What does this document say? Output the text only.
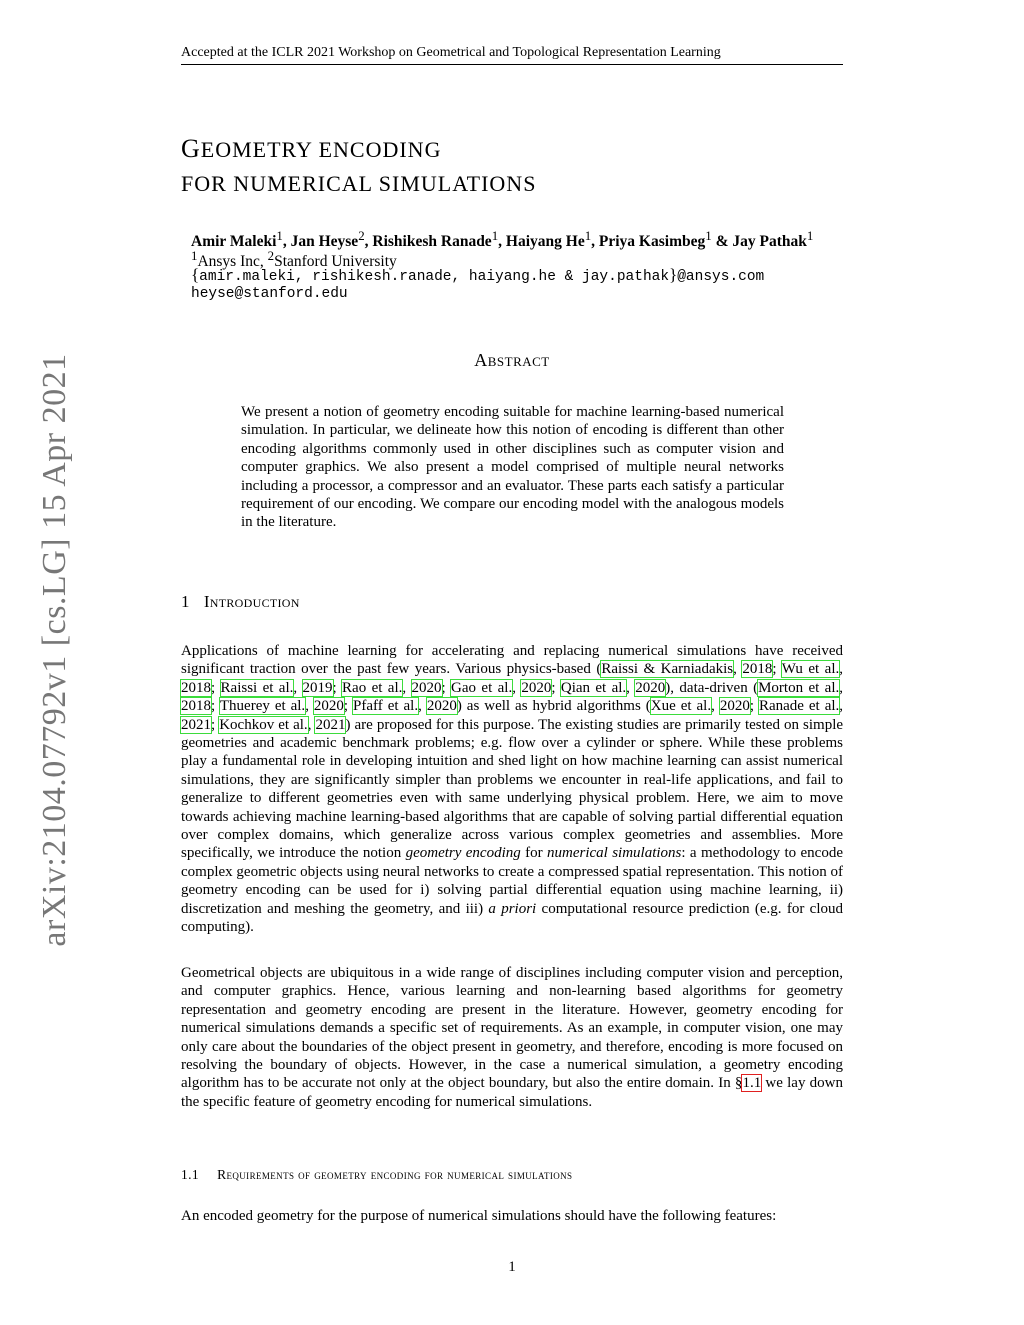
Accepted at the ICLR 2021 Workshop on Geometrical and Topological Representation Learning
arXiv:2104.07792v1 [cs.LG] 15 Apr 2021
GEOMETRY ENCODING
FOR NUMERICAL SIMULATIONS
Amir Maleki$^1$, Jan Heyse$^2$, Rishikesh Ranade$^1$, Haiyang He$^1$, Priya Kasimbeg$^1$ & Jay Pathak$^1$
$^1$Ansys Inc, $^2$Stanford University
{amir.maleki, rishikesh.ranade, haiyang.he & jay.pathak}@ansys.com
heyse@stanford.edu
Abstract
We present a notion of geometry encoding suitable for machine learning-based numerical simulation. In particular, we delineate how this notion of encoding is different than other encoding algorithms commonly used in other disciplines such as computer vision and computer graphics. We also present a model comprised of multiple neural networks including a processor, a compressor and an evaluator. These parts each satisfy a particular requirement of our encoding. We compare our encoding model with the analogous models in the literature.
1 Introduction
Applications of machine learning for accelerating and replacing numerical simulations have received significant traction over the past few years. Various physics-based (Raissi & Karniadakis, 2018; Wu et al., 2018; Raissi et al., 2019; Rao et al., 2020; Gao et al., 2020; Qian et al., 2020), data-driven (Morton et al., 2018; Thuerey et al., 2020; Pfaff et al., 2020) as well as hybrid algorithms (Xue et al., 2020; Ranade et al., 2021; Kochkov et al., 2021) are proposed for this purpose. The existing studies are primarily tested on simple geometries and academic benchmark problems; e.g. flow over a cylinder or sphere. While these problems play a fundamental role in developing intuition and shed light on how machine learning can assist numerical simulations, they are significantly simpler than problems we encounter in real-life applications, and fail to generalize to different geometries even with same underlying physical problem. Here, we aim to move towards achieving machine learning-based algorithms that are capable of solving partial differential equation over complex domains, which generalize across various complex geometries and assemblies. More specifically, we introduce the notion geometry encoding for numerical simulations: a methodology to encode complex geometric objects using neural networks to create a compressed spatial representation. This notion of geometry encoding can be used for i) solving partial differential equation using machine learning, ii) discretization and meshing the geometry, and iii) a priori computational resource prediction (e.g. for cloud computing).
Geometrical objects are ubiquitous in a wide range of disciplines including computer vision and perception, and computer graphics. Hence, various learning and non-learning based algorithms for geometry representation and geometry encoding are present in the literature. However, geometry encoding for numerical simulations demands a specific set of requirements. As an example, in computer vision, one may only care about the boundaries of the object present in geometry, and therefore, encoding is more focused on resolving the boundary of objects. However, in the case a numerical simulation, a geometry encoding algorithm has to be accurate not only at the object boundary, but also the entire domain. In §1.1 we lay down the specific feature of geometry encoding for numerical simulations.
1.1 Requirements of geometry encoding for numerical simulations
An encoded geometry for the purpose of numerical simulations should have the following features:
1
